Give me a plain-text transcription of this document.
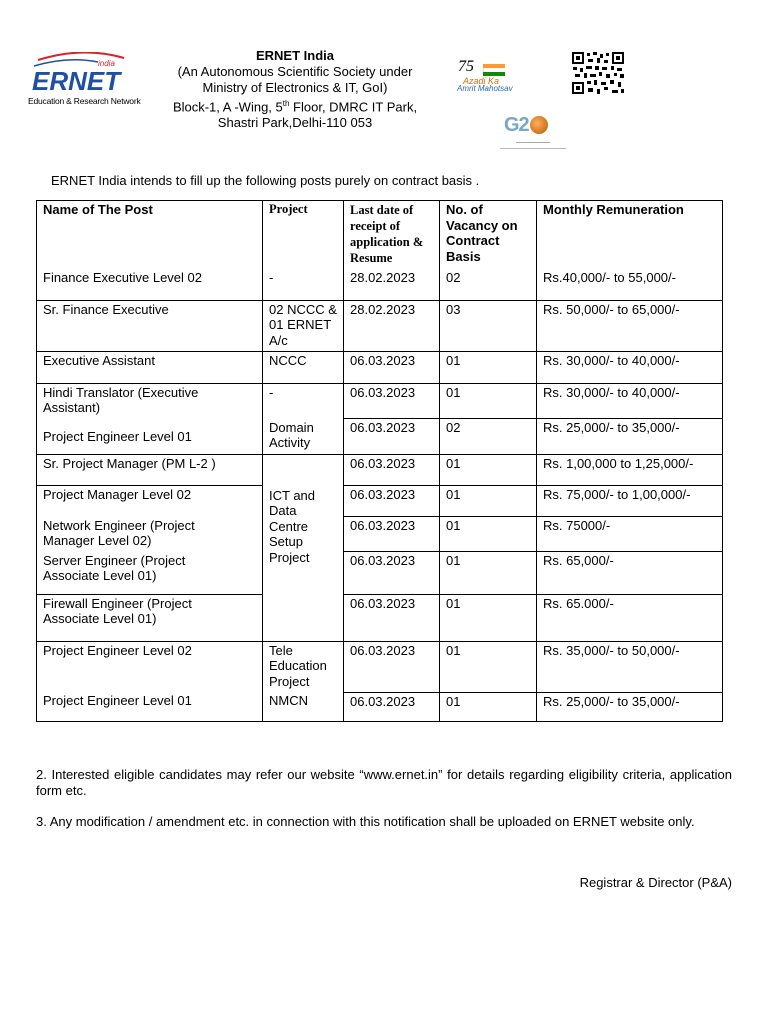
ERNET
india
Education & Research Network
ERNET India
(An Autonomous Scientific Society under
Ministry of Electronics & IT, GoI)
Block-1, A -Wing, 5th Floor, DMRC IT Park,
Shastri Park,Delhi-110 053
75
Azadi Ka
Amrit Mahotsav
G2
ERNET India intends to fill up the following posts purely on contract basis .
Name of The Post	Project	Last date of receipt of application & Resume	No. of Vacancy on Contract Basis	Monthly Remuneration
Finance Executive Level 02	-	28.02.2023	02	Rs.40,000/- to 55,000/-
Sr. Finance Executive	02 NCCC & 01 ERNET A/c	28.02.2023	03	Rs. 50,000/- to 65,000/-
Executive Assistant	NCCC	06.03.2023	01	Rs. 30,000/- to 40,000/-
Hindi Translator (Executive Assistant)	-	06.03.2023	01	Rs. 30,000/- to 40,000/-
Project Engineer Level 01	Domain Activity	06.03.2023	02	Rs. 25,000/- to 35,000/-
Sr. Project Manager (PM L-2 )	ICT and Data Centre Setup Project	06.03.2023	01	Rs. 1,00,000 to 1,25,000/-
Project Manager Level 02		06.03.2023	01	Rs. 75,000/- to 1,00,000/-

Network Engineer (Project Manager Level 02)		06.03.2023	01	Rs. 75000/-

Server Engineer (Project Associate Level 01)		06.03.2023	01	Rs. 65,000/-

Firewall Engineer (Project Associate Level 01)		06.03.2023	01	Rs. 65.000/-
Project Engineer Level 02	Tele Education Project	06.03.2023	01	Rs. 35,000/- to 50,000/-
Project Engineer Level 01	NMCN	06.03.2023	01	Rs. 25,000/- to 35,000/-
2. Interested eligible candidates may refer our website “www.ernet.in” for details regarding eligibility criteria, application form etc.
3. Any modification / amendment etc. in connection with this notification shall be uploaded on ERNET website only.
Registrar & Director (P&A)
